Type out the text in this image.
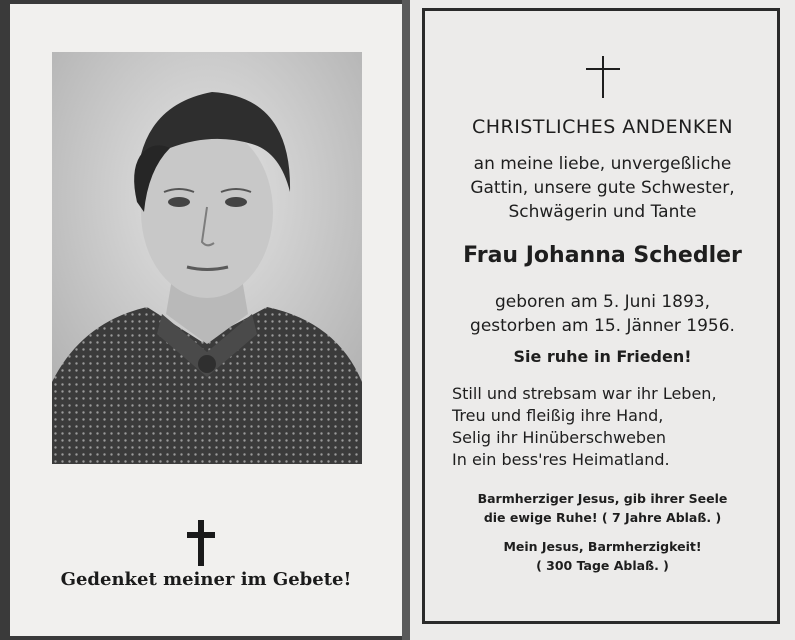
Gedenket meiner im Gebete!
CHRISTLICHES ANDENKEN
an meine liebe, unvergeßliche
Gattin, unsere gute Schwester,
Schwägerin und Tante
Frau Johanna Schedler
geboren am 5. Juni 1893,
gestorben am 15. Jänner 1956.
Sie ruhe in Frieden!
Still und strebsam war ihr Leben,
Treu und fleißig ihre Hand,
Selig ihr Hinüberschweben
In ein bess'res Heimatland.
Barmherziger Jesus, gib ihrer Seele
die ewige Ruhe! ( 7 Jahre Ablaß. )
Mein Jesus, Barmherzigkeit!
( 300 Tage Ablaß. )
